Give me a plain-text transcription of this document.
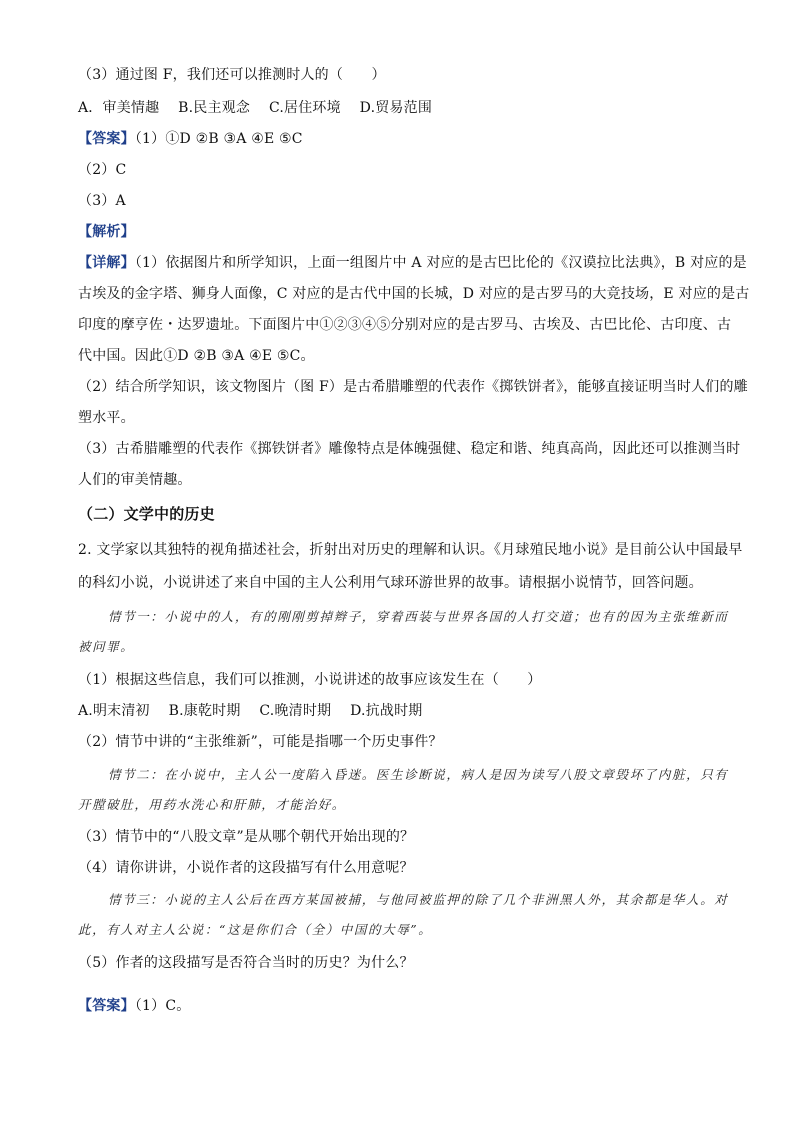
（3）通过图 F，我们还可以推测时人的（　　）
A．审美情趣　 B.民主观念　 C.居住环境　 D.贸易范围
【答案】（1）①D ②B ③A ④E ⑤C
（2）C
（3）A
【解析】
【详解】（1）依据图片和所学知识，上面一组图片中 A 对应的是古巴比伦的《汉谟拉比法典》，B 对应的是
古埃及的金字塔、狮身人面像，C 对应的是古代中国的长城，D 对应的是古罗马的大竞技场，E 对应的是古
印度的摩亨佐・达罗遗址。下面图片中①②③④⑤分别对应的是古罗马、古埃及、古巴比伦、古印度、古
代中国。因此①D ②B ③A ④E ⑤C。
（2）结合所学知识，该文物图片（图 F）是古希腊雕塑的代表作《掷铁饼者》，能够直接证明当时人们的雕
塑水平。
（3）古希腊雕塑的代表作《掷铁饼者》雕像特点是体魄强健、稳定和谐、纯真高尚，因此还可以推测当时
人们的审美情趣。
（二）文学中的历史
2. 文学家以其独特的视角描述社会，折射出对历史的理解和认识。《月球殖民地小说》是目前公认中国最早
的科幻小说，小说讲述了来自中国的主人公利用气球环游世界的故事。请根据小说情节，回答问题。
情节一：小说中的人，有的刚刚剪掉辫子，穿着西装与世界各国的人打交道；也有的因为主张维新而
被问罪。
（1）根据这些信息，我们可以推测，小说讲述的故事应该发生在（　　）
A.明末清初　 B.康乾时期　 C.晚清时期　 D.抗战时期
（2）情节中讲的“主张维新”，可能是指哪一个历史事件？
情节二：在小说中，主人公一度陷入昏迷。医生诊断说，病人是因为读写八股文章毁坏了内脏，只有
开膛破肚，用药水洗心和肝肺，才能治好。
（3）情节中的“八股文章”是从哪个朝代开始出现的？
（4）请你讲讲，小说作者的这段描写有什么用意呢？
情节三：小说的主人公后在西方某国被捕，与他同被监押的除了几个非洲黑人外，其余都是华人。对
此，有人对主人公说：“这是你们合（全）中国的大辱”。
（5）作者的这段描写是否符合当时的历史？为什么？
【答案】（1）C。
